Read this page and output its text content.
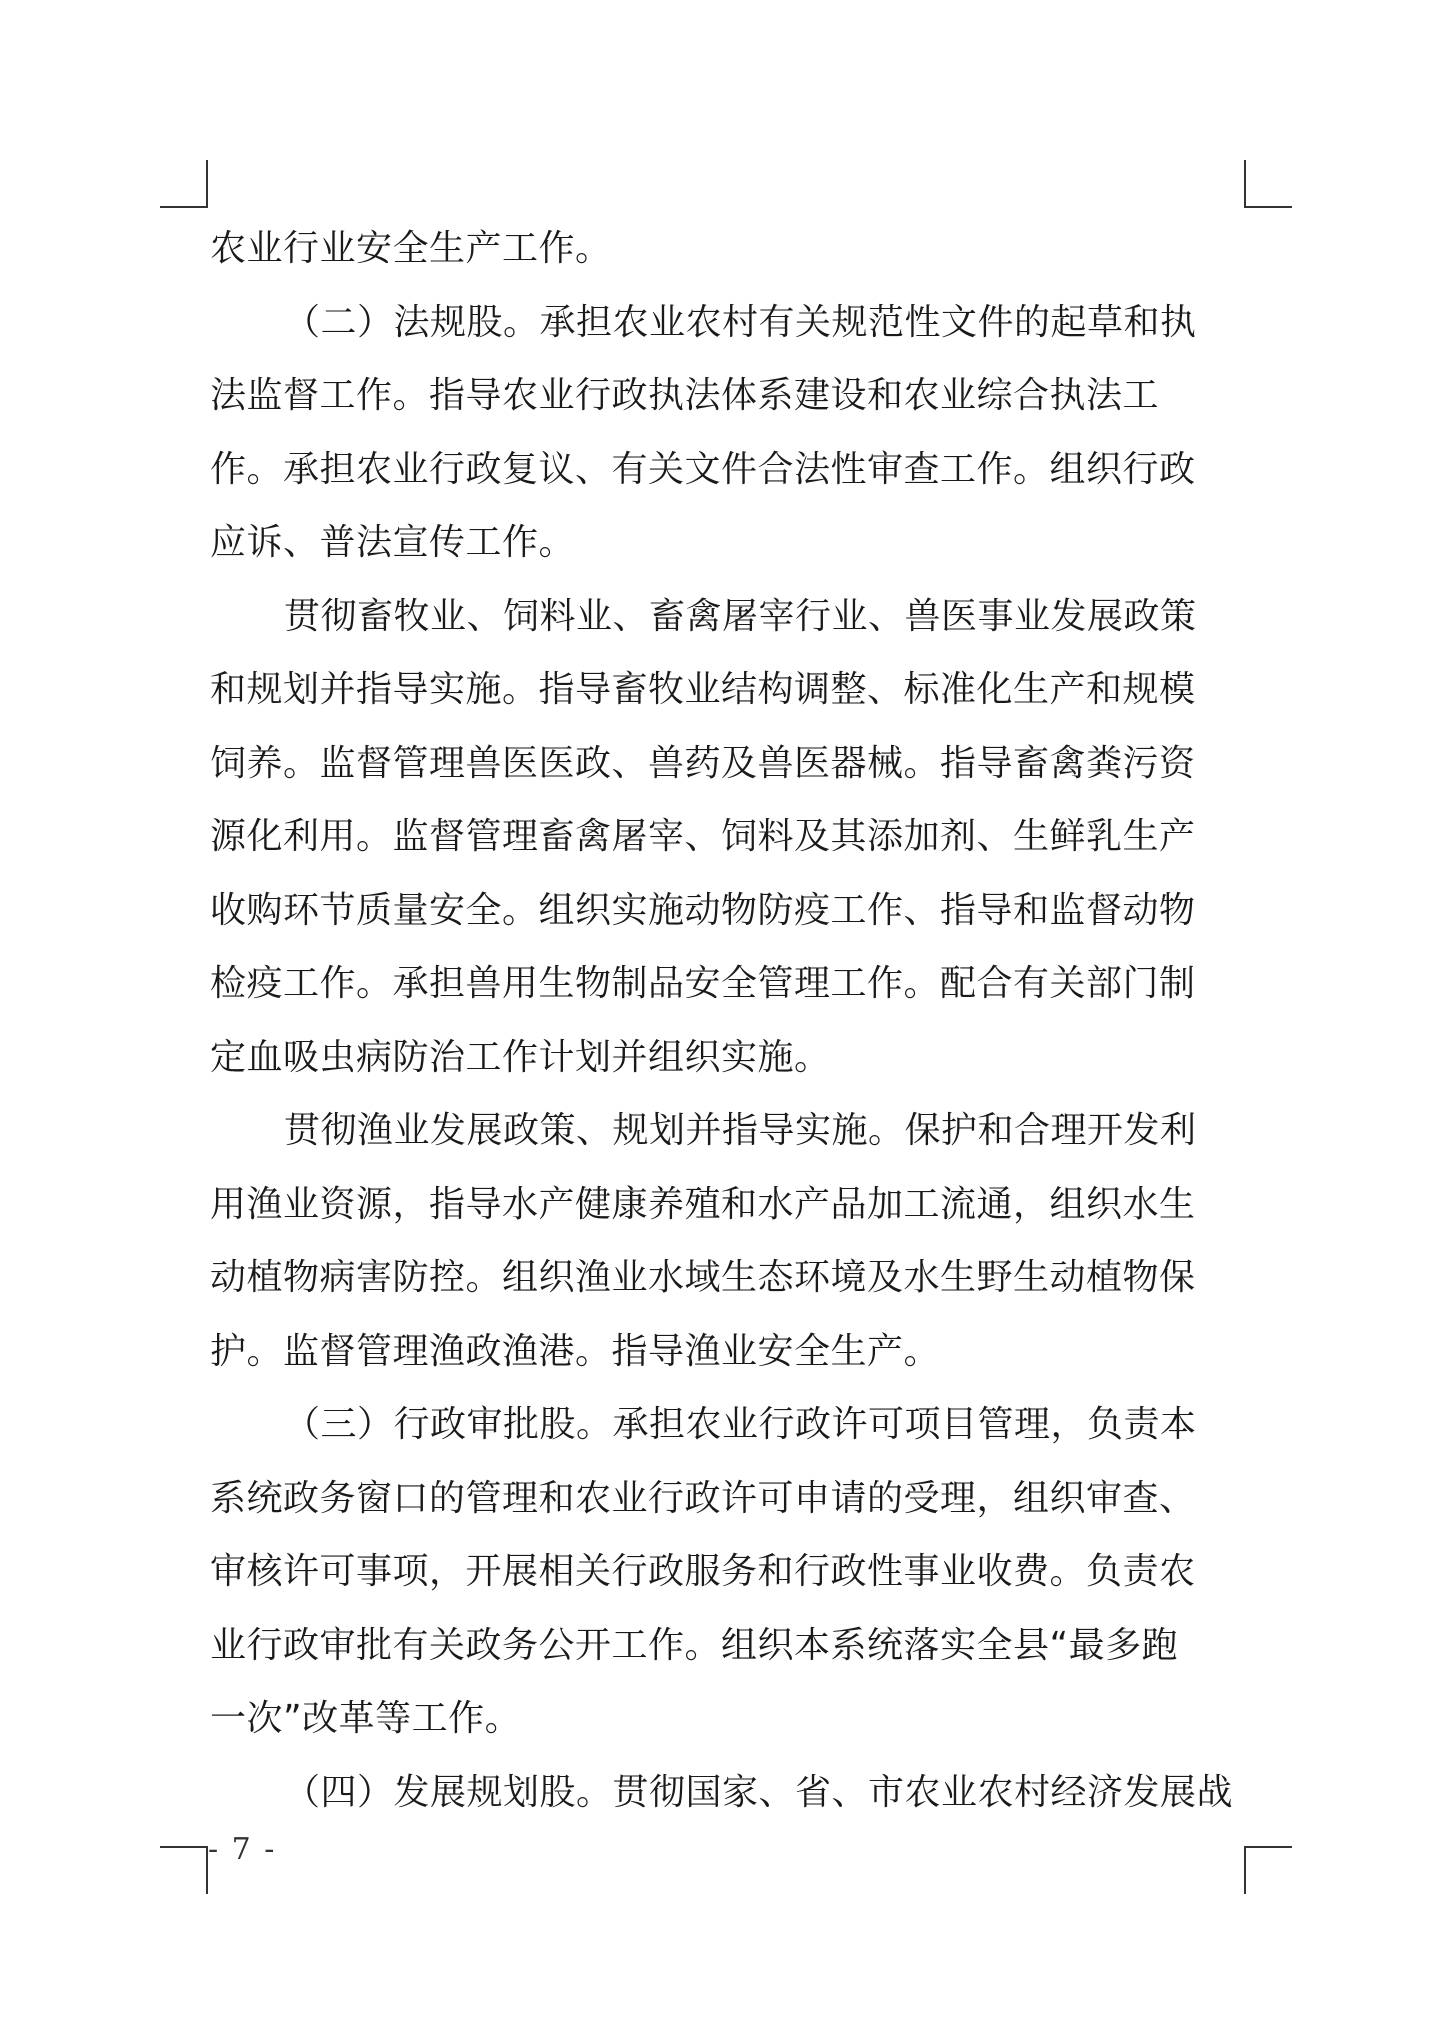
农业行业安全生产工作。
（二）法规股。承担农业农村有关规范性文件的起草和执
法监督工作。指导农业行政执法体系建设和农业综合执法工
作。承担农业行政复议、有关文件合法性审查工作。组织行政
应诉、普法宣传工作。
贯彻畜牧业、饲料业、畜禽屠宰行业、兽医事业发展政策
和规划并指导实施。指导畜牧业结构调整、标准化生产和规模
饲养。监督管理兽医医政、兽药及兽医器械。指导畜禽粪污资
源化利用。监督管理畜禽屠宰、饲料及其添加剂、生鲜乳生产
收购环节质量安全。组织实施动物防疫工作、指导和监督动物
检疫工作。承担兽用生物制品安全管理工作。配合有关部门制
定血吸虫病防治工作计划并组织实施。
贯彻渔业发展政策、规划并指导实施。保护和合理开发利
用渔业资源，指导水产健康养殖和水产品加工流通，组织水生
动植物病害防控。组织渔业水域生态环境及水生野生动植物保
护。监督管理渔政渔港。指导渔业安全生产。
（三）行政审批股。承担农业行政许可项目管理，负责本
系统政务窗口的管理和农业行政许可申请的受理，组织审查、
审核许可事项，开展相关行政服务和行政性事业收费。负责农
业行政审批有关政务公开工作。组织本系统落实全县“最多跑
一次”改革等工作。
（四）发展规划股。贯彻国家、省、市农业农村经济发展战
- 7 -
